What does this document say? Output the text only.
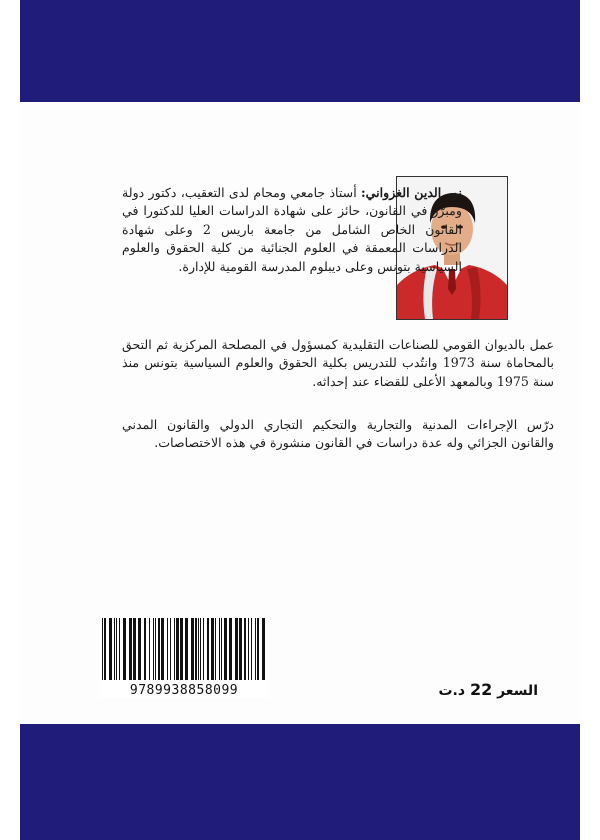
نور الدين الغزواني: أستاذ جامعي ومحام لدى التعقيب، دكتور دولة ومبرّز في القانون، حائز على شهادة الدراسات العليا للدكتورا في القانون الخاص الشامل من جامعة باريس 2 وعلى شهادة الدراسات المعمقة في العلوم الجنائية من كلية الحقوق والعلوم السياسية بتونس وعلى ديبلوم المدرسة القومية للإدارة.

عمل بالديوان القومي للصناعات التقليدية كمسؤول في المصلحة المركزية ثم التحق بالمحاماة سنة 1973 وانتُدب للتدريس بكلية الحقوق والعلوم السياسية بتونس منذ سنة 1975 وبالمعهد الأعلى للقضاء عند إحداثه.

درّس الإجراءات المدنية والتجارية والتحكيم التجاري الدولي والقانون المدني والقانون الجزائي وله عدة دراسات في القانون منشورة في هذه الاختصاصات.

9789938858099	السعر 22 د.ت
